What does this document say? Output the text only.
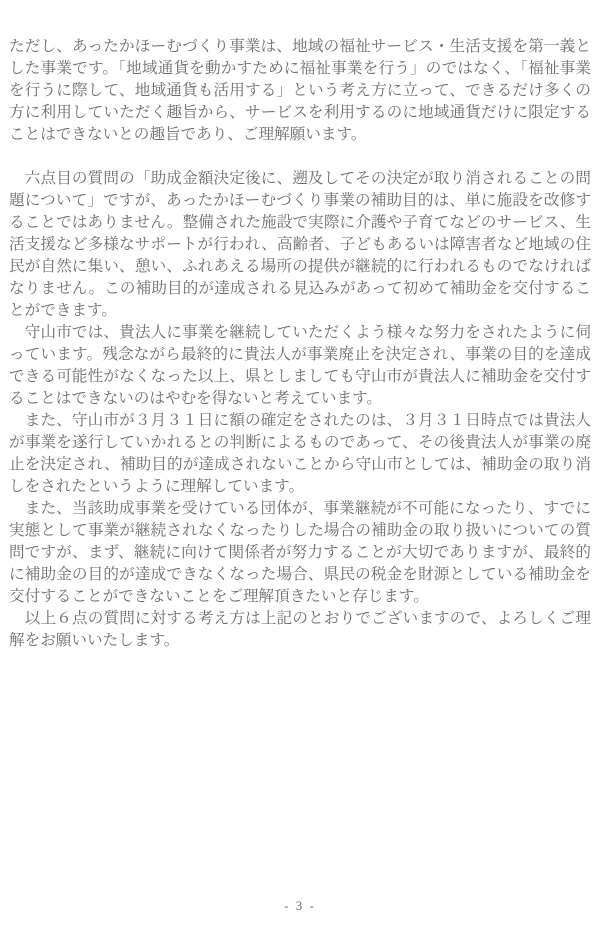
ただし、あったかほーむづくり事業は、地域の福祉サービス・生活支援を第一義とした事業です。「地域通貨を動かすために福祉事業を行う」のではなく、「福祉事業を行うに際して、地域通貨も活用する」という考え方に立って、できるだけ多くの方に利用していただく趣旨から、サービスを利用するのに地域通貨だけに限定することはできないとの趣旨であり、ご理解願います。

　六点目の質問の「助成金額決定後に、遡及してその決定が取り消されることの問題について」ですが、あったかほーむづくり事業の補助目的は、単に施設を改修することではありません。整備された施設で実際に介護や子育てなどのサービス、生活支援など多様なサポートが行われ、高齢者、子どもあるいは障害者など地域の住民が自然に集い、憩い、ふれあえる場所の提供が継続的に行われるものでなければなりません。この補助目的が達成される見込みがあって初めて補助金を交付することができます。

　守山市では、貴法人に事業を継続していただくよう様々な努力をされたように伺っています。残念ながら最終的に貴法人が事業廃止を決定され、事業の目的を達成できる可能性がなくなった以上、県としましても守山市が貴法人に補助金を交付することはできないのはやむを得ないと考えています。

　また、守山市が３月３１日に額の確定をされたのは、３月３１日時点では貴法人が事業を遂行していかれるとの判断によるものであって、その後貴法人が事業の廃止を決定され、補助目的が達成されないことから守山市としては、補助金の取り消しをされたというように理解しています。

　また、当該助成事業を受けている団体が、事業継続が不可能になったり、すでに実態として事業が継続されなくなったりした場合の補助金の取り扱いについての質問ですが、まず、継続に向けて関係者が努力することが大切でありますが、最終的に補助金の目的が達成できなくなった場合、県民の税金を財源としている補助金を交付することができないことをご理解頂きたいと存じます。

　以上６点の質問に対する考え方は上記のとおりでございますので、よろしくご理解をお願いいたします。

- 3 -
